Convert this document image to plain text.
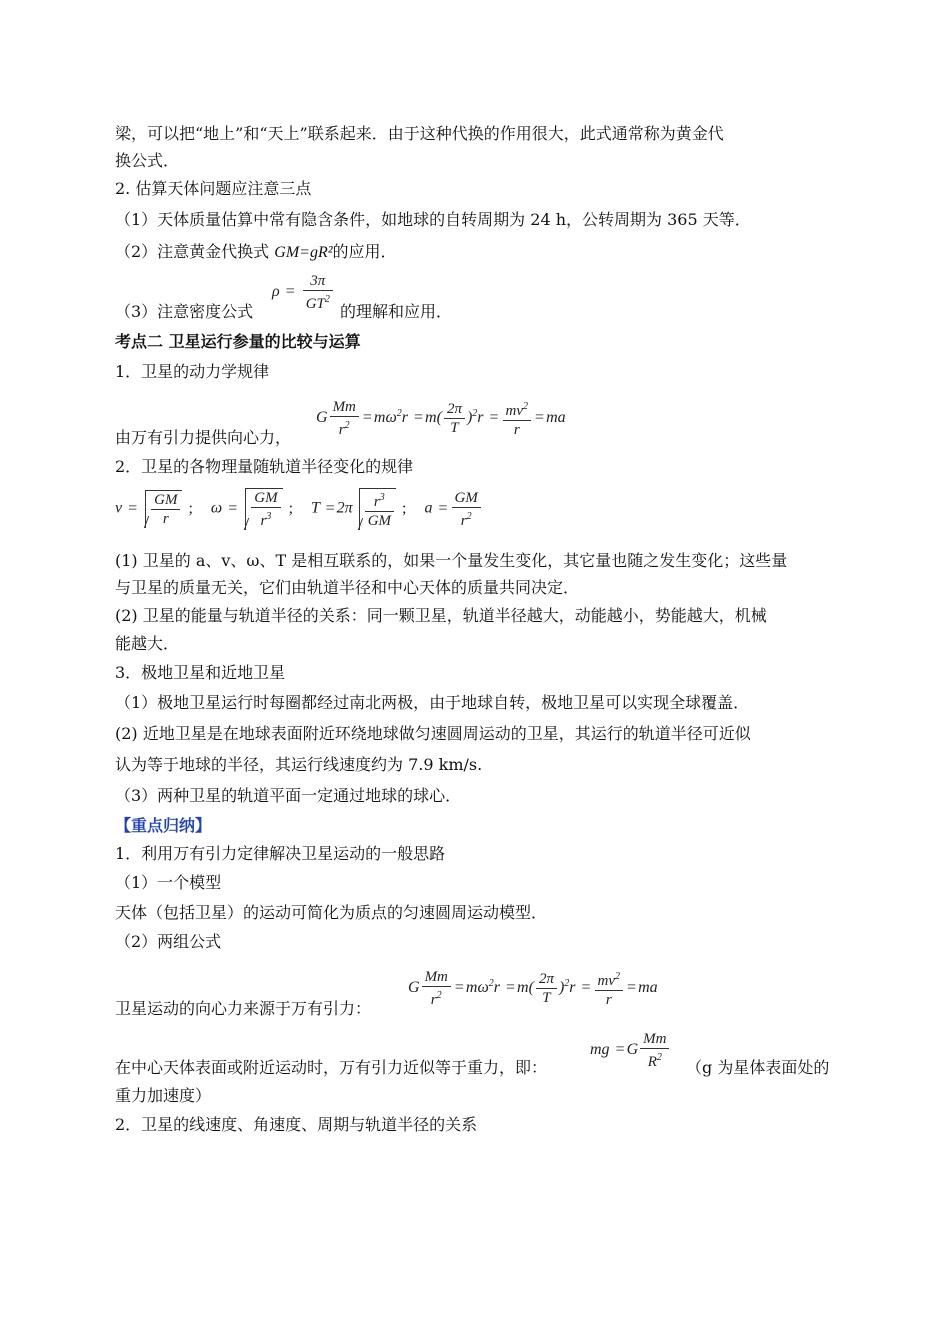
梁，可以把“地上”和“天上”联系起来．由于这种代换的作用很大，此式通常称为黄金代
换公式．
2. 估算天体问题应注意三点
（1）天体质量估算中常有隐含条件，如地球的自转周期为 24 h，公转周期为 365 天等．
（2）注意黄金代换式 GM=gR²的应用．
（3）注意密度公式
$\rho = \frac{3\pi}{GT^2}$ 的理解和应用．
考点二 卫星运行参量的比较与运算
1．卫星的动力学规律
由万有引力提供向心力，
G $\frac{Mm}{r^2} = m\omega^2r = m( \frac{2\pi}{T} )^2r = \frac{mv^2}{r}$ = ma
2．卫星的各物理量随轨道半径变化的规律
$v = \frac{GM}{r}$ ;    $\omega = \frac{GM}{r^3}$ ;    $T = 2\pi \frac{r^3}{GM}$ ;    $a = \frac{GM}{r^2}$
(1) 卫星的 a、v、ω、T 是相互联系的，如果一个量发生变化，其它量也随之发生变化；这些量
与卫星的质量无关，它们由轨道半径和中心天体的质量共同决定．
(2) 卫星的能量与轨道半径的关系：同一颗卫星，轨道半径越大，动能越小，势能越大，机械
能越大．
3．极地卫星和近地卫星
（1）极地卫星运行时每圈都经过南北两极，由于地球自转，极地卫星可以实现全球覆盖．
(2) 近地卫星是在地球表面附近环绕地球做匀速圆周运动的卫星，其运行的轨道半径可近似
认为等于地球的半径，其运行线速度约为 7.9 km/s.
（3）两种卫星的轨道平面一定通过地球的球心．
【重点归纳】
1．利用万有引力定律解决卫星运动的一般思路
（1）一个模型
天体（包括卫星）的运动可简化为质点的匀速圆周运动模型．
（2）两组公式
卫星运动的向心力来源于万有引力：
G $\frac{Mm}{r^2} = m\omega^2r = m( \frac{2\pi}{T} )^2r = \frac{mv^2}{r}$ = ma
在中心天体表面或附近运动时，万有引力近似等于重力，即：
mg = G $\frac{Mm}{R^2} (g$ 为星体表面处的
重力加速度）
2．卫星的线速度、角速度、周期与轨道半径的关系
